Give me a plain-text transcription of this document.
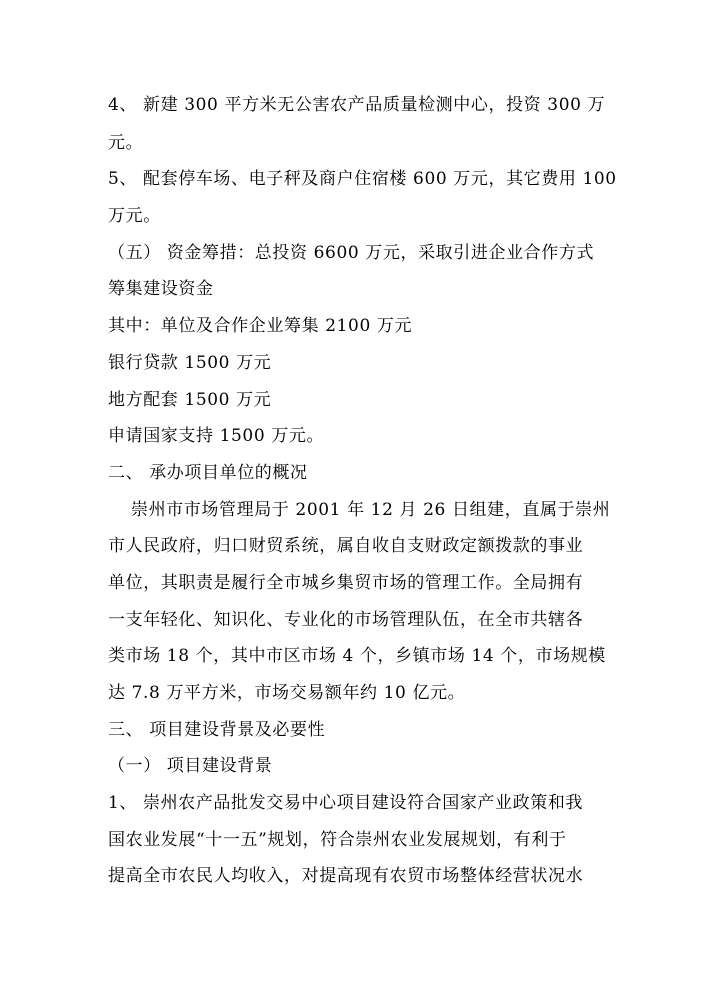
4、 新建 300 平方米无公害农产品质量检测中心，投资 300 万
元。
5、 配套停车场、电子秤及商户住宿楼 600 万元，其它费用 100
万元。
（五） 资金筹措：总投资 6600 万元，采取引进企业合作方式
筹集建设资金
其中：单位及合作企业筹集 2100 万元
银行贷款 1500 万元
地方配套 1500 万元
申请国家支持 1500 万元。
二、 承办项目单位的概况
崇州市市场管理局于 2001 年 12 月 26 日组建，直属于崇州
市人民政府，归口财贸系统，属自收自支财政定额拨款的事业
单位，其职责是履行全市城乡集贸市场的管理工作。全局拥有
一支年轻化、知识化、专业化的市场管理队伍，在全市共辖各
类市场 18 个，其中市区市场 4 个，乡镇市场 14 个，市场规模
达 7.8 万平方米，市场交易额年约 10 亿元。
三、 项目建设背景及必要性
（一） 项目建设背景
1、 崇州农产品批发交易中心项目建设符合国家产业政策和我
国农业发展“十一五”规划，符合崇州农业发展规划，有利于
提高全市农民人均收入，对提高现有农贸市场整体经营状况水
